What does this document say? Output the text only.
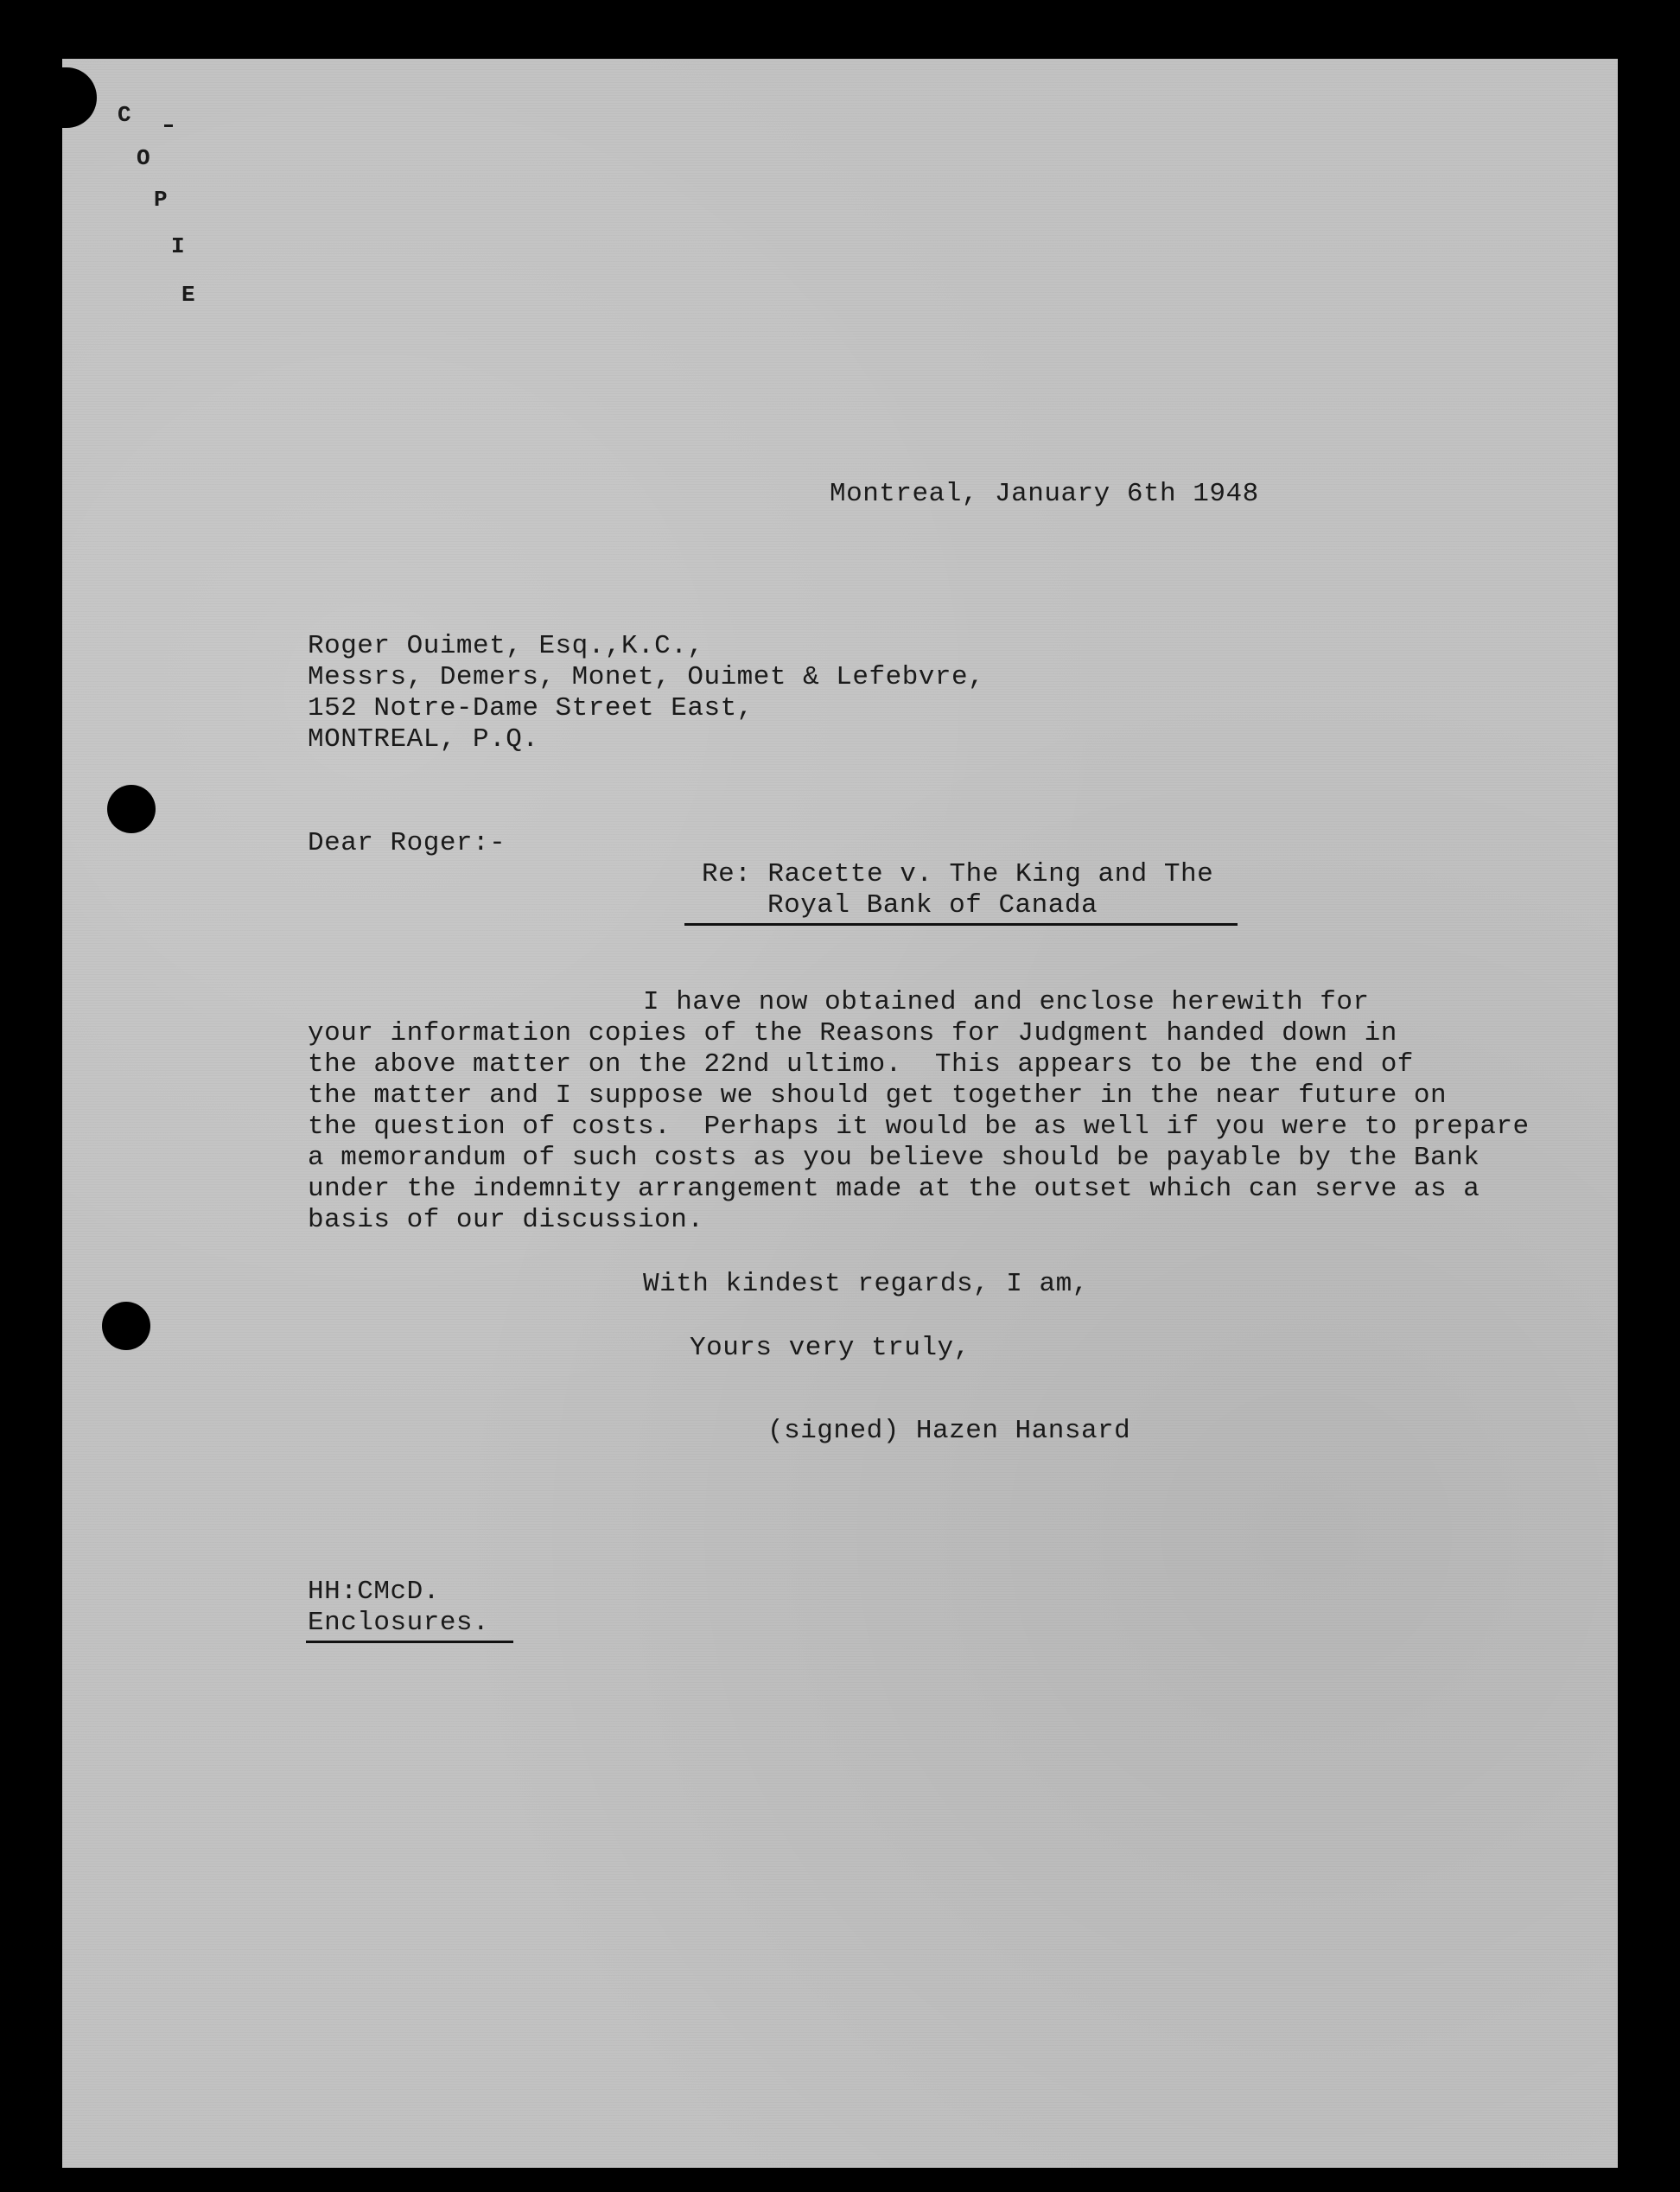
C
O
P
I
E
Montreal, January 6th 1948
Roger Ouimet, Esq.,K.C.,
Messrs, Demers, Monet, Ouimet & Lefebvre,
152 Notre-Dame Street East,
MONTREAL, P.Q.
Dear Roger:-
Re: Racette v. The King and The
Royal Bank of Canada
I have now obtained and enclose herewith for
your information copies of the Reasons for Judgment handed down in
the above matter on the 22nd ultimo.  This appears to be the end of
the matter and I suppose we should get together in the near future on
the question of costs.  Perhaps it would be as well if you were to prepare
a memorandum of such costs as you believe should be payable by the Bank
under the indemnity arrangement made at the outset which can serve as a
basis of our discussion.
With kindest regards, I am,
Yours very truly,
(signed) Hazen Hansard
HH:CMcD.
Enclosures.
